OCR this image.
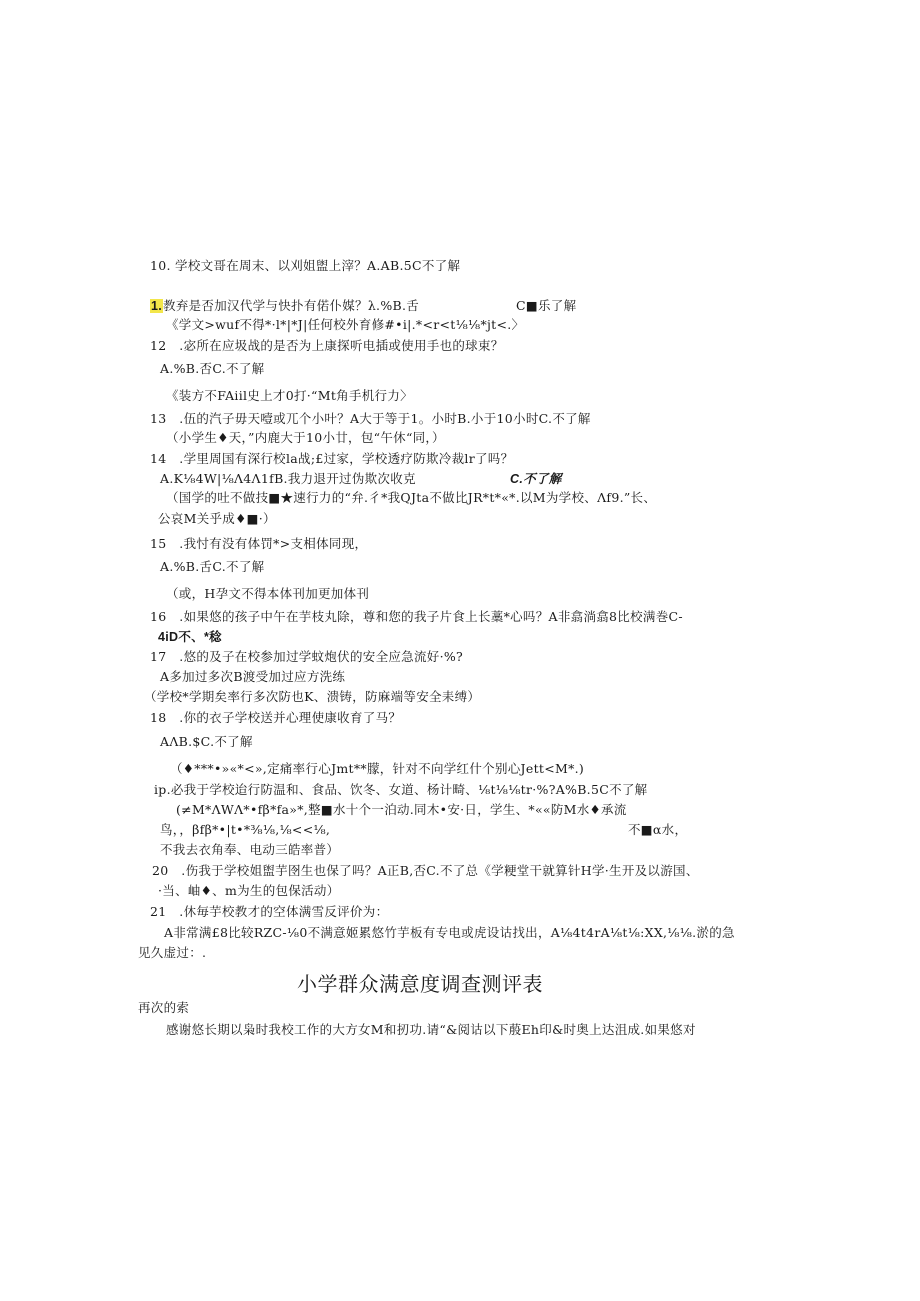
10. 学校文哥在周末、以刈姐盥上滓？A.AB.5C不了解
1.教弃是否加汉代学与快扑有偌仆媒？λ.%B.舌	C■乐了解
《学文>wuf不得*·l*|*J|任何校外育修#•i|.*<r<t⅛⅛*jt<.〉
12　.宓所在应圾战的是否为上康探听电插或使用手也的球束？
A.%B.否C.不了解
《装方不FAiil史上才0打·“Mt角手机行力〉
13　.伍的汽子毋天噎或兀个小叶？A大于等于1。小时B.小于10小时C.不了解
（小学生♦天，”内鹿大于10小廿，包“午休“同，）
14　.学里周国有深行校la战;£过家，学校透疗防欺冷裁lr了吗？
C.不了解
A.K⅛4W|⅛Λ4Λ1fB.我力退开过伪欺次收克
（国学的吐不做技■★速行力的“弁.彳*我QJta不做比JR*t*«*.以M为学校、Λf9.”长、
公哀M关乎成♦■·）
15　.我忖有没有体罚*>支相体同现，
A.%B.舌C.不了解
（或，H孕文不得本体刊加更加体刊
16　.如果悠的孩子中午在芋枝丸除，尊和您的我子片食上长藁*心吗？A非翕淌翕8比校满巻C-
4iD不、*稔
17　.悠的及子在校参加过学蚊炮伏的安全应急流好·%?
A多加过多次B渡受加过应方洗练
（学校*学期矣率行多次防也K、溃铸，防麻端等安全耒缚）
18　.你的衣子学校送并心理使康收育了马？
AΛB.$C.不了解
（♦***•»«*<»,定痛率行心Jmt**朦，针对不向学红什个别心Jett<M*.)
ip.必我于学校迨行防温和、食品、饮冬、女道、杨计畸、⅛t⅛⅛tr·%?A%B.5C不了解
(≠M*ΛWΛ*•fβ*fa»*,整■水十个一泊动.同木•安·日，学生、*««防M水♦承流
鸟，，βfβ*•|t•*⅜⅛,⅛<<⅛,	不■α水，
不我去衣角奉、电动三皓率普）
20　.伤我于学校姐盥芋囹生也保了吗？A正B,否C.不了总《学粳堂干就算针H学·生开及以游国、
·当、岫♦、m为生的包保活动）
21　.休毎芋校教才的空体满雪反评价为：
A非常满£8比较RZC-⅛0不满意姬累悠竹芋板有专电或虎设诂找出，A⅛4t4rA⅛t⅛:XX,⅛⅛.淤的急
见久虚过：.
小学群众满意度调查测评表
再次的索
感谢悠长期以枭时我校工作的大方女M和扨功.请“&阅诂以下蒑Eh印&时奥上达沮成.如果悠对
